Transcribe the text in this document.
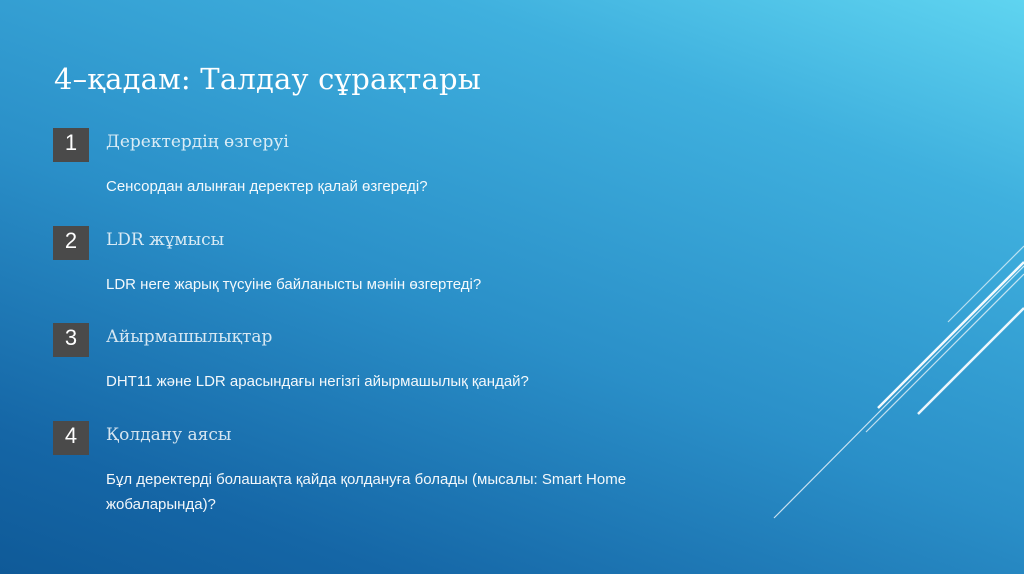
4–қадам: Талдау сұрақтары
1	Деректердің өзгеруі
Сенсордан алынған деректер қалай өзгереді?
2	LDR жұмысы
LDR неге жарық түсуіне байланысты мәнін өзгертеді?
3	Айырмашылықтар
DHT11 және LDR арасындағы негізгі айырмашылық қандай?
4	Қолдану аясы
Бұл деректерді болашақта қайда қолдануға болады (мысалы: Smart Home жобаларында)?
